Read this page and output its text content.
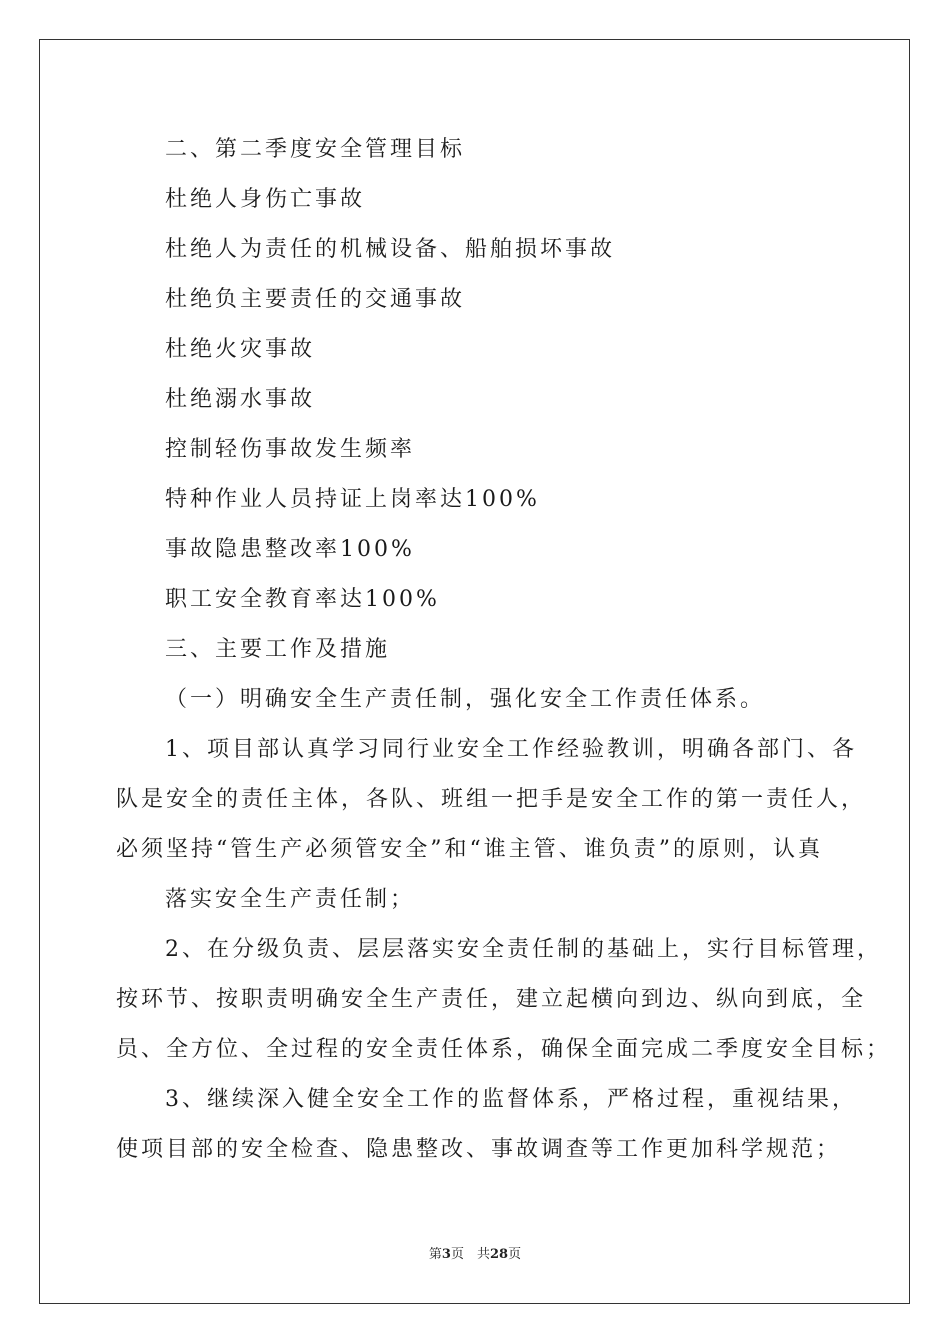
二、第二季度安全管理目标
杜绝人身伤亡事故
杜绝人为责任的机械设备、船舶损坏事故
杜绝负主要责任的交通事故
杜绝火灾事故
杜绝溺水事故
控制轻伤事故发生频率
特种作业人员持证上岗率达100%
事故隐患整改率100%
职工安全教育率达100%
三、主要工作及措施
（一）明确安全生产责任制，强化安全工作责任体系。
1、项目部认真学习同行业安全工作经验教训，明确各部门、各
队是安全的责任主体，各队、班组一把手是安全工作的第一责任人，
必须坚持“管生产必须管安全”和“谁主管、谁负责”的原则，认真
落实安全生产责任制；
2、在分级负责、层层落实安全责任制的基础上，实行目标管理，
按环节、按职责明确安全生产责任，建立起横向到边、纵向到底，全
员、全方位、全过程的安全责任体系，确保全面完成二季度安全目标；
3、继续深入健全安全工作的监督体系，严格过程，重视结果，
使项目部的安全检查、隐患整改、事故调查等工作更加科学规范；
第3页　共28页
